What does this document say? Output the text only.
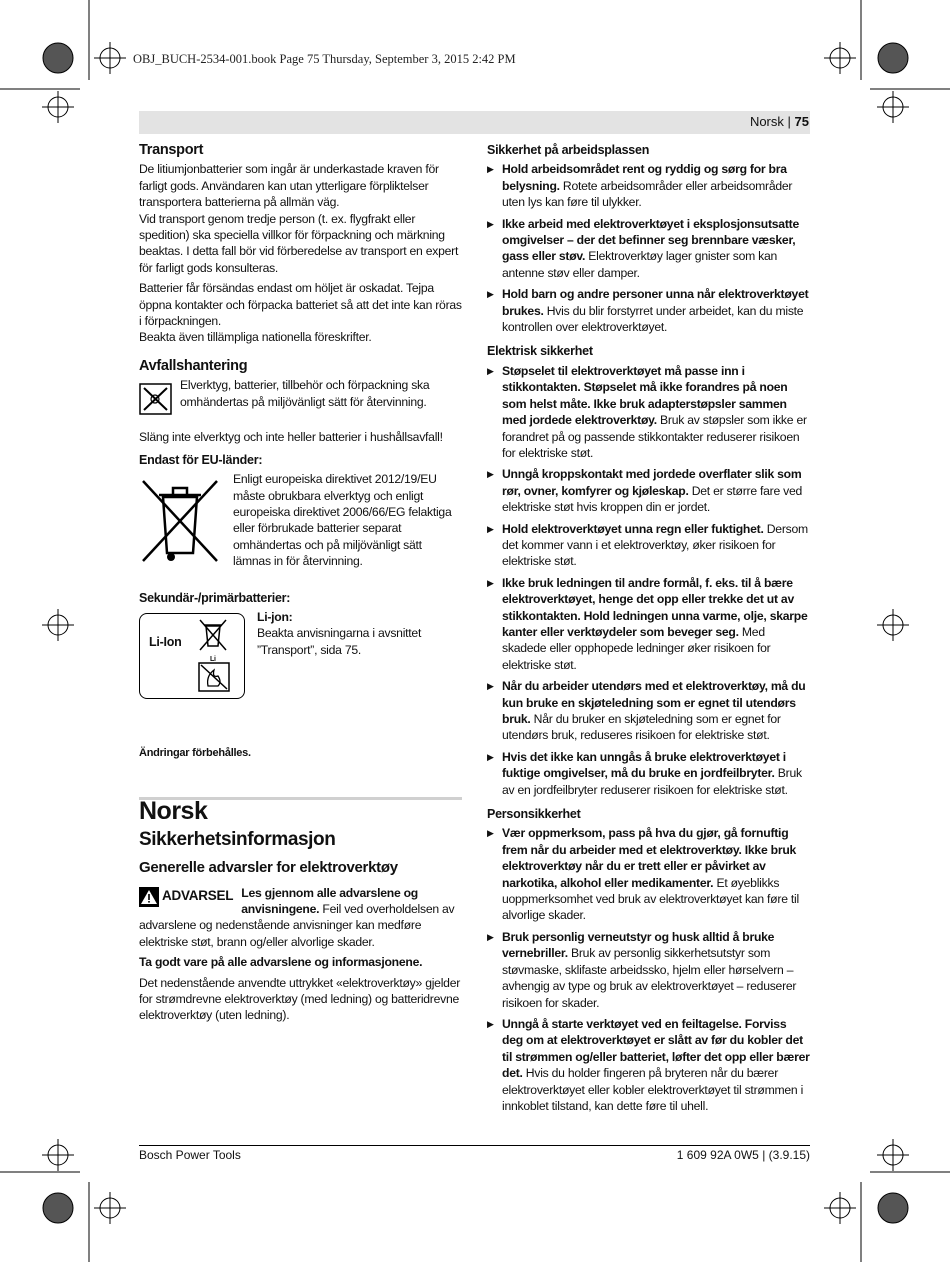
OBJ_BUCH-2534-001.book Page 75 Thursday, September 3, 2015 2:42 PM
Norsk | 75
Transport

De litiumjonbatterier som ingår är underkastade kraven för farligt gods. Användaren kan utan ytterligare förpliktelser transportera batterierna på allmän väg.

Vid transport genom tredje person (t. ex. flygfrakt eller spedition) ska speciella villkor för förpackning och märkning beaktas. I detta fall bör vid förberedelse av transport en expert för farligt gods konsulteras.

Batterier får försändas endast om höljet är oskadat. Tejpa öppna kontakter och förpacka batteriet så att det inte kan röras i förpackningen.

Beakta även tillämpliga nationella föreskrifter.

Avfallshantering

Elverktyg, batterier, tillbehör och förpackning ska omhändertas på miljövänligt sätt för återvinning.

Släng inte elverktyg och inte heller batterier i hushållsavfall!

Endast för EU-länder:

Enligt europeiska direktivet 2012/19/EU måste obrukbara elverktyg och enligt europeiska direktivet 2006/66/EG felaktiga eller förbrukade batterier separat omhändertas och på miljövänligt sätt lämnas in för återvinning.

Sekundär-/primärbatterier:
Li-Ion
Li
Li-jon:

Beakta anvisningarna i avsnittet ”Transport”, sida 75.

Ändringar förbehålles.

Norsk
Sikkerhetsinformasjon
Generelle advarsler for elektroverktøy
ADVARSEL Les gjennom alle advarslene og anvisningene. Feil ved overholdelsen av advarslene og nedenstående anvisninger kan medføre elektriske støt, brann og/eller alvorlige skader.

Ta godt vare på alle advarslene og informasjonene.

Det nedenstående anvendte uttrykket «elektroverktøy» gjelder for strømdrevne elektroverktøy (med ledning) og batteridrevne elektroverktøy (uten ledning).

Sikkerhet på arbeidsplassen

▶ Hold arbeidsområdet rent og ryddig og sørg for bra belysning. Rotete arbeidsområder eller arbeidsområder uten lys kan føre til ulykker.

▶ Ikke arbeid med elektroverktøyet i eksplosjonsutsatte omgivelser – der det befinner seg brennbare væsker, gass eller støv. Elektroverktøy lager gnister som kan antenne støv eller damper.

▶ Hold barn og andre personer unna når elektroverktøyet brukes. Hvis du blir forstyrret under arbeidet, kan du miste kontrollen over elektroverktøyet.

Elektrisk sikkerhet

▶ Støpselet til elektroverktøyet må passe inn i stikkontakten. Støpselet må ikke forandres på noen som helst måte. Ikke bruk adapterstøpsler sammen med jordede elektroverktøy. Bruk av støpsler som ikke er forandret på og passende stikkontakter reduserer risikoen for elektriske støt.

▶ Unngå kroppskontakt med jordede overflater slik som rør, ovner, komfyrer og kjøleskap. Det er større fare ved elektriske støt hvis kroppen din er jordet.

▶ Hold elektroverktøyet unna regn eller fuktighet. Dersom det kommer vann i et elektroverktøy, øker risikoen for elektriske støt.

▶ Ikke bruk ledningen til andre formål, f. eks. til å bære elektroverktøyet, henge det opp eller trekke det ut av stikkontakten. Hold ledningen unna varme, olje, skarpe kanter eller verktøydeler som beveger seg. Med skadede eller opphopede ledninger øker risikoen for elektriske støt.

▶ Når du arbeider utendørs med et elektroverktøy, må du kun bruke en skjøteledning som er egnet til utendørs bruk. Når du bruker en skjøteledning som er egnet for utendørs bruk, reduseres risikoen for elektriske støt.

▶ Hvis det ikke kan unngås å bruke elektroverktøyet i fuktige omgivelser, må du bruke en jordfeilbryter. Bruk av en jordfeilbryter reduserer risikoen for elektriske støt.

Personsikkerhet

▶ Vær oppmerksom, pass på hva du gjør, gå fornuftig frem når du arbeider med et elektroverktøy. Ikke bruk elektroverktøy når du er trett eller er påvirket av narkotika, alkohol eller medikamenter. Et øyeblikks uoppmerksomhet ved bruk av elektroverktøyet kan føre til alvorlige skader.

▶ Bruk personlig verneutstyr og husk alltid å bruke vernebriller. Bruk av personlig sikkerhetsutstyr som støvmaske, sklifaste arbeidssko, hjelm eller hørselvern – avhengig av type og bruk av elektroverktøyet – reduserer risikoen for skader.

▶ Unngå å starte verktøyet ved en feiltagelse. Forviss deg om at elektroverktøyet er slått av før du kobler det til strømmen og/eller batteriet, løfter det opp eller bærer det. Hvis du holder fingeren på bryteren når du bærer elektroverktøyet eller kobler elektroverktøyet til strømmen i innkoblet tilstand, kan dette føre til uhell.

Bosch Power Tools	1 609 92A 0W5 | (3.9.15)
